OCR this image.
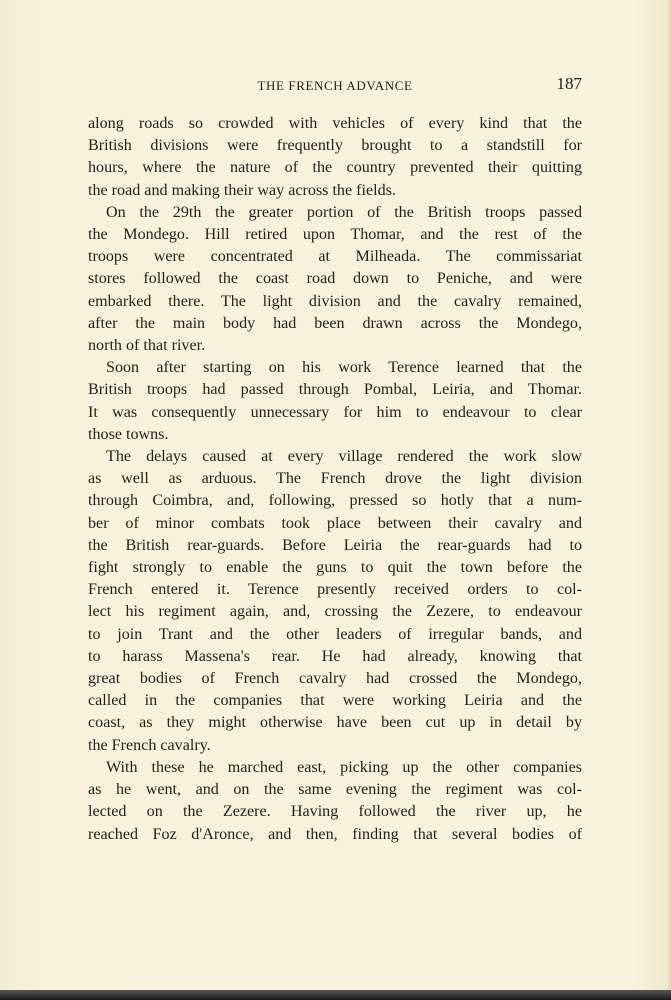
THE FRENCH ADVANCE	187
along roads so crowded with vehicles of every kind that the
British divisions were frequently brought to a standstill for
hours, where the nature of the country prevented their quitting
the road and making their way across the fields.
On the 29th the greater portion of the British troops passed
the Mondego. Hill retired upon Thomar, and the rest of the
troops were concentrated at Milheada. The commissariat
stores followed the coast road down to Peniche, and were
embarked there. The light division and the cavalry remained,
after the main body had been drawn across the Mondego,
north of that river.
Soon after starting on his work Terence learned that the
British troops had passed through Pombal, Leiria, and Thomar.
It was consequently unnecessary for him to endeavour to clear
those towns.
The delays caused at every village rendered the work slow
as well as arduous. The French drove the light division
through Coimbra, and, following, pressed so hotly that a num-
ber of minor combats took place between their cavalry and
the British rear-guards. Before Leiria the rear-guards had to
fight strongly to enable the guns to quit the town before the
French entered it. Terence presently received orders to col-
lect his regiment again, and, crossing the Zezere, to endeavour
to join Trant and the other leaders of irregular bands, and
to harass Massena's rear. He had already, knowing that
great bodies of French cavalry had crossed the Mondego,
called in the companies that were working Leiria and the
coast, as they might otherwise have been cut up in detail by
the French cavalry.
With these he marched east, picking up the other companies
as he went, and on the same evening the regiment was col-
lected on the Zezere. Having followed the river up, he
reached Foz d'Aronce, and then, finding that several bodies of
